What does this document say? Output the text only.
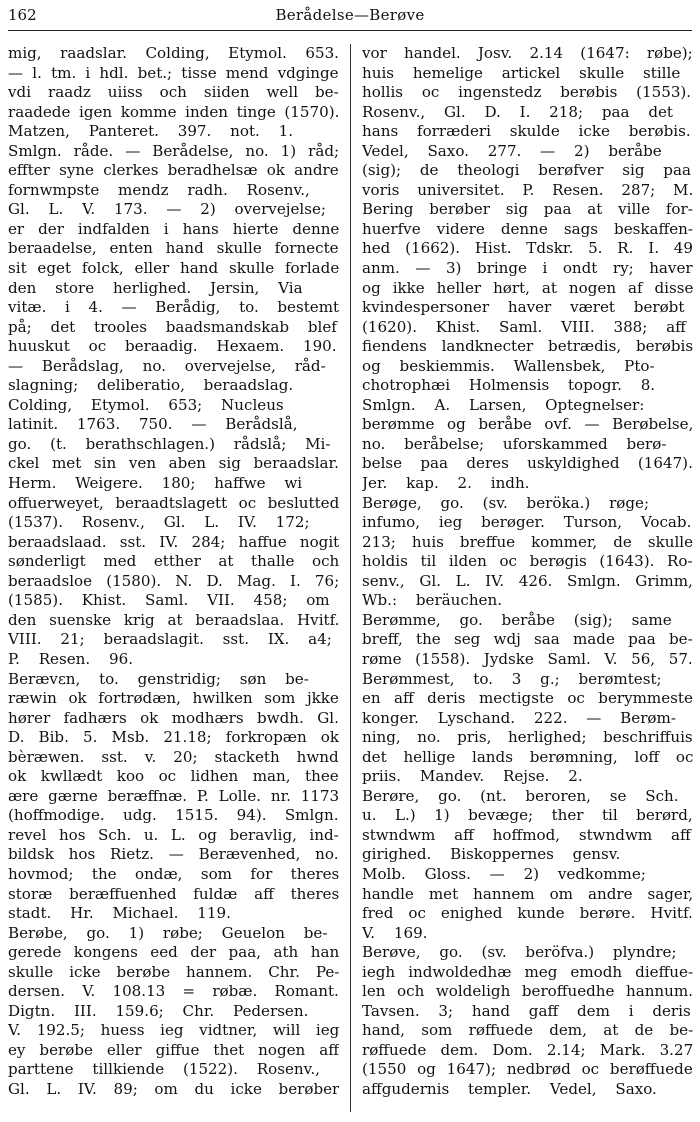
162	Berådelse—Berøve
mig, raadslar. Colding, Etymol. 653.
— l. tm. i hdl. bet.; tisse mend vdginge
vdi raadz uiiss och siiden well be-
raadede igen komme inden tinge (1570).
Matzen, Panteret. 397. not. 1.
Smlgn. råde. — Berådelse, no. 1) råd;
effter syne clerkes beradhelsæ ok andre
fornwmpste mendz radh. Rosenv.,
Gl. L. V. 173. — 2) overvejelse;
er der indfalden i hans hierte denne
beraadelse, enten hand skulle fornecte
sit eget folck, eller hand skulle forlade
den store herlighed. Jersin, Via
vitæ. i 4. — Berådig, to. bestemt
på; det trooles baadsmandskab blef
huuskut oc beraadig. Hexaem. 190.
— Berådslag, no. overvejelse, råd-
slagning; deliberatio, beraadslag.
Colding, Etymol. 653; Nucleus
latinit. 1763. 750. — Berådslå,
go. (t. berathschlagen.) rådslå; Mi-
ckel met sin ven aben sig beraadslar.
Herm. Weigere. 180; haffwe wi
offuerweyet, beraadtslagett oc beslutted
(1537). Rosenv., Gl. L. IV. 172;
beraadslaad. sst. IV. 284; haffue nogit
sønderligt med etther at thalle och
beraadsloe (1580). N. D. Mag. I. 76;
(1585). Khist. Saml. VII. 458; om
den suenske krig at beraadslaa. Hvitf.
VIII. 21; beraadslagit. sst. IX. a4;
P. Resen. 96.
Berævεn, to. genstridig; søn be-
ræwin ok fortrødæn, hwilken som jkke
hører fadhærs ok modhærs bwdh. Gl.
D. Bib. 5. Msb. 21.18; forkropæn ok
bèræwen. sst. v. 20; stacketh hwnd
ok kwllædt koo oc lidhen man, thee
ære gærne beræffnæ. P. Lolle. nr. 1173
(hoffmodige. udg. 1515. 94). Smlgn.
revel hos Sch. u. L. og beravlig, ind-
bildsk hos Rietz. — Berævenhed, no.
hovmod; the ondæ, som for theres
storæ beræffuenhed fuldæ aff theres
stadt. Hr. Michael. 119.
Berøbe, go. 1) røbe; Geuelon be-
gerede kongens eed der paa, ath han
skulle icke berøbe hannem. Chr. Pe-
dersen. V. 108.13 = røbæ. Romant.
Digtn. III. 159.6; Chr. Pedersen.
V. 192.5; huess ieg vidtner, will ieg
ey berøbe eller giffue thet nogen aff
parttene tillkiende (1522). Rosenv.,
Gl. L. IV. 89; om du icke berøber
vor handel. Josv. 2.14 (1647: røbe);
huis hemelige artickel skulle stille
hollis oc ingenstedz berøbis (1553).
Rosenv., Gl. D. I. 218; paa det
hans forræderi skulde icke berøbis.
Vedel, Saxo. 277. — 2) beråbe
(sig); de theologi berøfver sig paa
voris universitet. P. Resen. 287; M.
Bering berøber sig paa at ville for-
huerfve videre denne sags beskaffen-
hed (1662). Hist. Tdskr. 5. R. I. 49
anm. — 3) bringe i ondt ry; haver
og ikke heller hørt, at nogen af disse
kvindespersoner haver været berøbt
(1620). Khist. Saml. VIII. 388; aff
fiendens landknecter betrædis, berøbis
og beskiemmis. Wallensbek, Pto-
chotrophæi Holmensis topogr. 8.
Smlgn. A. Larsen, Optegnelser:
berømme og beråbe ovf. — Berøbelse,
no. beråbelse; uforskammed berø-
belse paa deres uskyldighed (1647).
Jer. kap. 2. indh.
Berøge, go. (sv. beröka.) røge;
infumo, ieg berøger. Turson, Vocab.
213; huis breffue kommer, de skulle
holdis til ilden oc berøgis (1643). Ro-
senv., Gl. L. IV. 426. Smlgn. Grimm,
Wb.: beräuchen.
Berømme, go. beråbe (sig); same
breff, the seg wdj saa made paa be-
røme (1558). Jydske Saml. V. 56, 57.
Berømmest, to. 3 g.; berømtest;
en aff deris mectigste oc berymmeste
konger. Lyschand. 222. — Berøm-
ning, no. pris, herlighed; beschriffuis
det hellige lands berømning, loff oc
priis. Mandev. Rejse. 2.
Berøre, go. (nt. beroren, se Sch.
u. L.) 1) bevæge; ther til berørd,
stwndwm aff hoffmod, stwndwm aff
girighed. Biskoppernes gensv.
Molb. Gloss. — 2) vedkomme;
handle met hannem om andre sager,
fred oc enighed kunde berøre. Hvitf.
V. 169.
Berøve, go. (sv. beröfva.) plyndre;
iegh indwoldedhæ meg emodh dieffue-
len och woldeligh beroffuedhe hannum.
Tavsen. 3; hand gaff dem i deris
hand, som røffuede dem, at de be-
røffuede dem. Dom. 2.14; Mark. 3.27
(1550 og 1647); nedbrød oc berøffuede
affgudernis templer. Vedel, Saxo.
